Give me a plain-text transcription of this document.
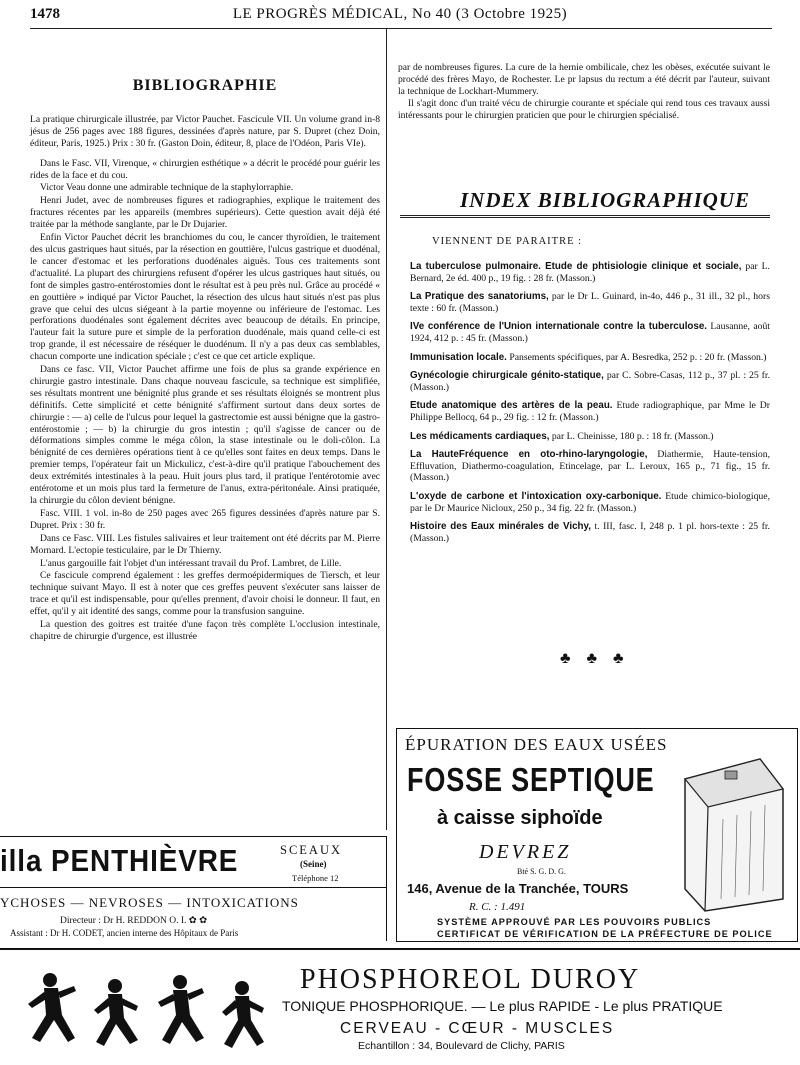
1478	LE PROGRÈS MÉDICAL, No 40 (3 Octobre 1925)
BIBLIOGRAPHIE

La pratique chirurgicale illustrée, par Victor Pauchet. Fascicule VII. Un volume grand in-8 jésus de 256 pages avec 188 figures, dessinées d'après nature, par S. Dupret (chez Doin, éditeur, Paris, 1925.) Prix : 30 fr. (Gaston Doin, éditeur, 8, place de l'Odéon, Paris VIe).

Dans le Fasc. VII, Virenque, « chirurgien esthétique » a décrit le procédé pour guérir les rides de la face et du cou.

Victor Veau donne une admirable technique de la staphylorraphie.

Henri Judet, avec de nombreuses figures et radiographies, explique le traitement des fractures récentes par les appareils (membres supérieurs). Cette question avait déjà été traitée par la méthode sanglante, par le Dr Dujarier.

Enfin Victor Pauchet décrit les branchiomes du cou, le cancer thyroïdien, le traitement des ulcus gastriques haut situés, par la résection en gouttière, l'ulcus gastrique et duodénal, le cancer d'estomac et les perforations duodénales aiguës. Tous ces traitements sont d'actualité. La plupart des chirurgiens refusent d'opérer les ulcus gastriques haut situés, ou font de simples gastro-entérostomies dont le résultat est à peu près nul. Grâce au procédé « en gouttière » indiqué par Victor Pauchet, la résection des ulcus haut situés n'est pas plus grave que celui des ulcus siégeant à la partie moyenne ou inférieure de l'estomac. Les perforations duodénales sont également décrites avec beaucoup de détails. En principe, l'auteur fait la suture pure et simple de la perforation duodénale, mais quand celle-ci est trop grande, il est nécessaire de réséquer le duodénum. Il n'y a pas deux cas semblables, chacun comporte une indication spéciale ; c'est ce que cet article explique.

Dans ce fasc. VII, Victor Pauchet affirme une fois de plus sa grande expérience en chirurgie gastro intestinale. Dans chaque nouveau fascicule, sa technique est simplifiée, ses résultats montrent une bénignité plus grande et ses résultats éloignés se montrent plus définitifs. Cette simplicité et cette bénignité s'affirment surtout dans deux sortes de chirurgie : — a) celle de l'ulcus pour lequel la gastrectomie est aussi bénigne que la gastro-entérostomie ; — b) la chirurgie du gros intestin ; qu'il s'agisse de cancer ou de déformations simples comme le méga côlon, la stase intestinale ou le doli-côlon. La bénignité de ces dernières opérations tient à ce qu'elles sont faites en deux temps. Dans le premier temps, l'opérateur fait un Mickulicz, c'est-à-dire qu'il pratique l'abouchement des deux extrémités intestinales à la peau. Huit jours plus tard, il pratique l'entérotomie avec entérotome et un mois plus tard la fermeture de l'anus, extra-péritonéale. Ainsi pratiquée, la chirurgie du côlon devient bénigne.

Fasc. VIII. 1 vol. in-8o de 250 pages avec 265 figures dessinées d'après nature par S. Dupret. Prix : 30 fr.

Dans ce Fasc. VIII. Les fistules salivaires et leur traitement ont été décrits par M. Pierre Mornard. L'ectopie testiculaire, par le Dr Thierny.

L'anus gargouille fait l'objet d'un intéressant travail du Prof. Lambret, de Lille.

Ce fascicule comprend également : les greffes dermoépidermiques de Tiersch, et leur technique suivant Mayo. Il est à noter que ces greffes peuvent s'exécuter sans laisser de trace et qu'il est indispensable, pour qu'elles prennent, d'avoir choisi le donneur. Il faut, en effet, qu'il y ait identité des sangs, comme pour la transfusion sanguine.

La question des goitres est traitée d'une façon très complète L'occlusion intestinale, chapitre de chirurgie d'urgence, est illustrée

par de nombreuses figures. La cure de la hernie ombilicale, chez les obèses, exécutée suivant le procédé des frères Mayo, de Rochester. Le pr lapsus du rectum a été décrit par l'auteur, suivant la technique de Lockhart-Mummery.

Il s'agit donc d'un traité vécu de chirurgie courante et spéciale qui rend tous ces travaux aussi intéressants pour le chirurgien praticien que pour le chirurgien spécialisé.

INDEX BIBLIOGRAPHIQUE
VIENNENT DE PARAITRE :
La tuberculose pulmonaire. Etude de phtisiologie clinique et sociale, par L. Bernard, 2e éd. 400 p., 19 fig. : 28 fr. (Masson.)
La Pratique des sanatoriums, par le Dr L. Guinard, in-4o, 446 p., 31 ill., 32 pl., hors texte : 60 fr. (Masson.)
IVe conférence de l'Union internationale contre la tuberculose. Lausanne, août 1924, 412 p. : 45 fr. (Masson.)
Immunisation locale. Pansements spécifiques, par A. Besredka, 252 p. : 20 fr. (Masson.)
Gynécologie chirurgicale génito-statique, par C. Sobre-Casas, 112 p., 37 pl. : 25 fr. (Masson.)
Etude anatomique des artères de la peau. Etude radiographique, par Mme le Dr Philippe Bellocq, 64 p., 29 fig. : 12 fr. (Masson.)
Les médicaments cardiaques, par L. Cheinisse, 180 p. : 18 fr. (Masson.)
La HauteFréquence en oto-rhino-laryngologie, Diathermie, Haute-tension, Effluvation, Diathermo-coagulation, Etincelage, par L. Leroux, 165 p., 71 fig., 15 fr. (Masson.)
L'oxyde de carbone et l'intoxication oxy-carbonique. Etude chimico-biologique, par le Dr Maurice Nicloux, 250 p., 34 fig. 22 fr. (Masson.)
Histoire des Eaux minérales de Vichy, t. III, fasc. I, 248 p. 1 pl. hors-texte : 25 fr. (Masson.)
♣ ♣ ♣
ÉPURATION DES EAUX USÉES
FOSSE SEPTIQUE
à caisse siphoïde
DEVREZ
Bté S. G. D. G.
146, Avenue de la Tranchée, TOURS
R. C. : 1.491
SYSTÈME APPROUVÉ PAR LES POUVOIRS PUBLICS
CERTIFICAT DE VÉRIFICATION DE LA PRÉFECTURE DE POLICE
illa PENTHIÈVRE	SCEAUX
(Seine)
Téléphone 12
YCHOSES — NEVROSES — INTOXICATIONS
Directeur : Dr H. REDDON O. I. ✿ ✿
Assistant : Dr H. CODET, ancien interne des Hôpitaux de Paris
PHOSPHOREOL DUROY
TONIQUE PHOSPHORIQUE. — Le plus RAPIDE - Le plus PRATIQUE
CERVEAU - CŒUR - MUSCLES
Echantillon : 34, Boulevard de Clichy, PARIS
